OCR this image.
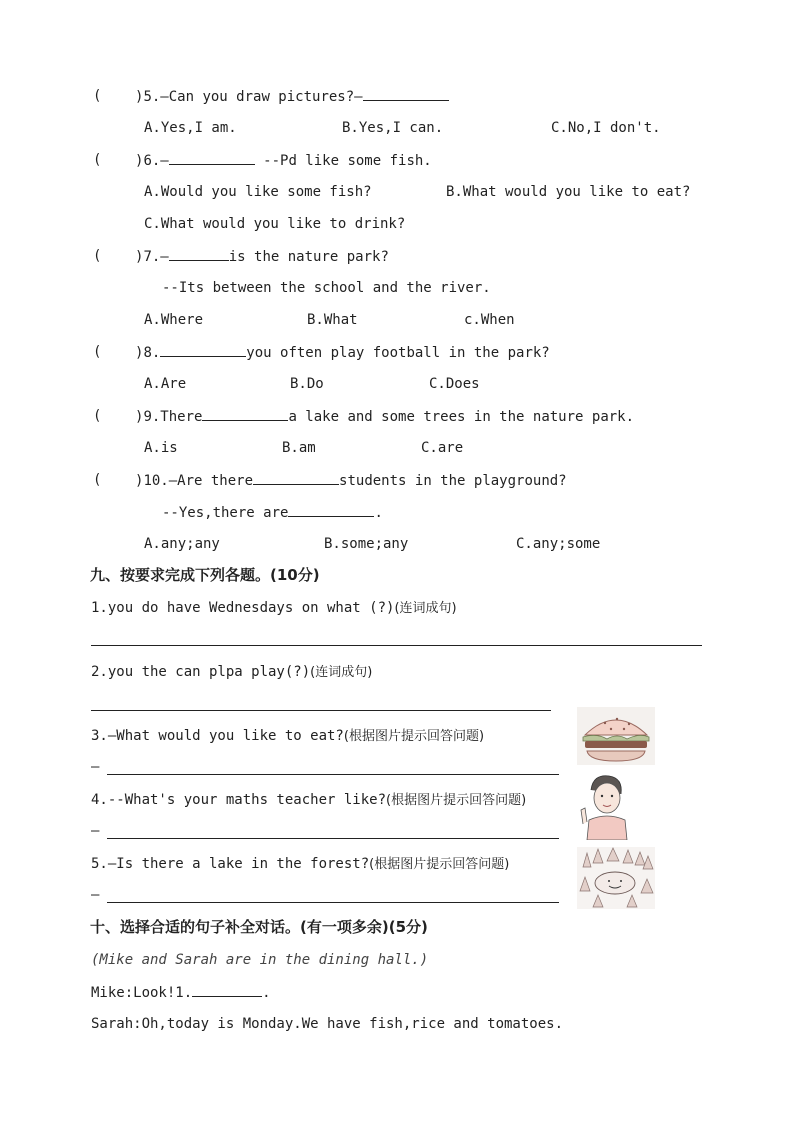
( )5.—Can you draw pictures?—
A.Yes,I am.	B.Yes,I can.	C.No,I don't.
( )6.—	--Pd like some fish.
A.Would you like some fish?	B.What would you like to eat?
C.What would you like to drink?
( )7.—	is the nature park?
--Its between the school and the river.
A.Where	B.What	c.When
( )8.	you often play football in the park?
A.Are	B.Do	C.Does
( )9.There	a lake and some trees in the nature park.
A.is	B.am	C.are
( )10.—Are there	students in the playground?
--Yes,there are	.
A.any;any	B.some;any	C.any;some
九、按要求完成下列各题。(10分)
1.you do have Wednesdays on what (?)(连词成句)
2.you the can plpa play(?)(连词成句)
3.—What would you like to eat?(根据图片提示回答问题)
—
4.--What's your maths teacher like?(根据图片提示回答问题)
—
5.—Is there a lake in the forest?(根据图片提示回答问题)
—
十、选择合适的句子补全对话。(有一项多余)(5分)
(Mike and Sarah are in the dining hall.)
Mike:Look!1.	.
Sarah:Oh,today is Monday.We have fish,rice and tomatoes.
